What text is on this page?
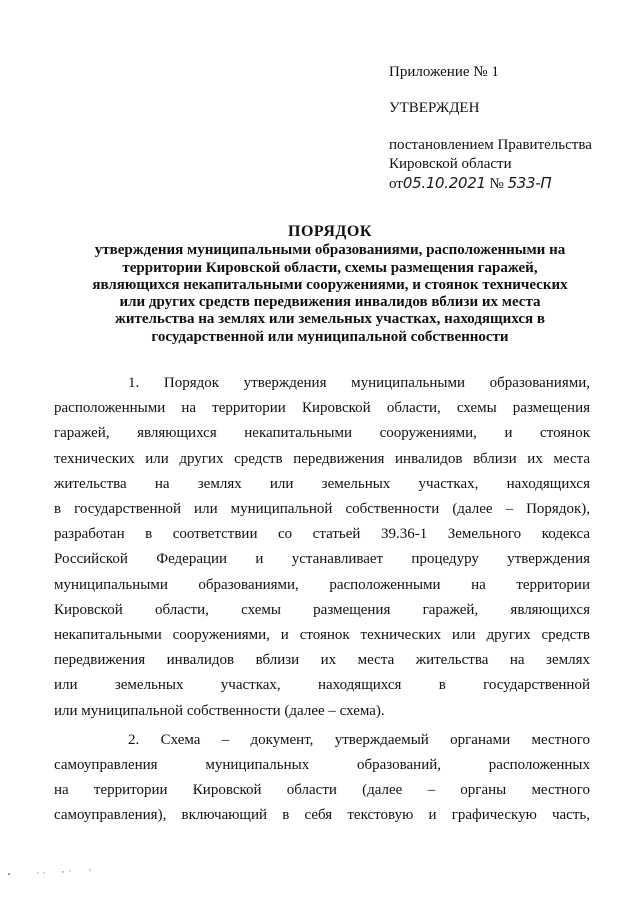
Приложение № 1
УТВЕРЖДЕН
постановлением Правительства
Кировской области
от05.10.2021 № 533-П
ПОРЯДОК
утверждения муниципальными образованиями, расположенными на
территории Кировской области, схемы размещения гаражей,
являющихся некапитальными сооружениями, и стоянок технических
или других средств передвижения инвалидов вблизи их места
жительства на землях или земельных участках, находящихся в
государственной или муниципальной собственности
1. Порядок утверждения муниципальными образованиями,
расположенными на территории Кировской области, схемы размещения
гаражей, являющихся некапитальными сооружениями, и стоянок
технических или других средств передвижения инвалидов вблизи их места
жительства на землях или земельных участках, находящихся
в государственной или муниципальной собственности (далее – Порядок),
разработан в соответствии со статьей 39.36-1 Земельного кодекса
Российской Федерации и устанавливает процедуру утверждения
муниципальными образованиями, расположенными на территории
Кировской области, схемы размещения гаражей, являющихся
некапитальными сооружениями, и стоянок технических или других средств
передвижения инвалидов вблизи их места жительства на землях
или земельных участках, находящихся в государственной
или муниципальной собственности (далее – схема).
2. Схема – документ, утверждаемый органами местного
самоуправления муниципальных образований, расположенных
на территории Кировской области (далее – органы местного
самоуправления), включающий в себя текстовую и графическую часть,
